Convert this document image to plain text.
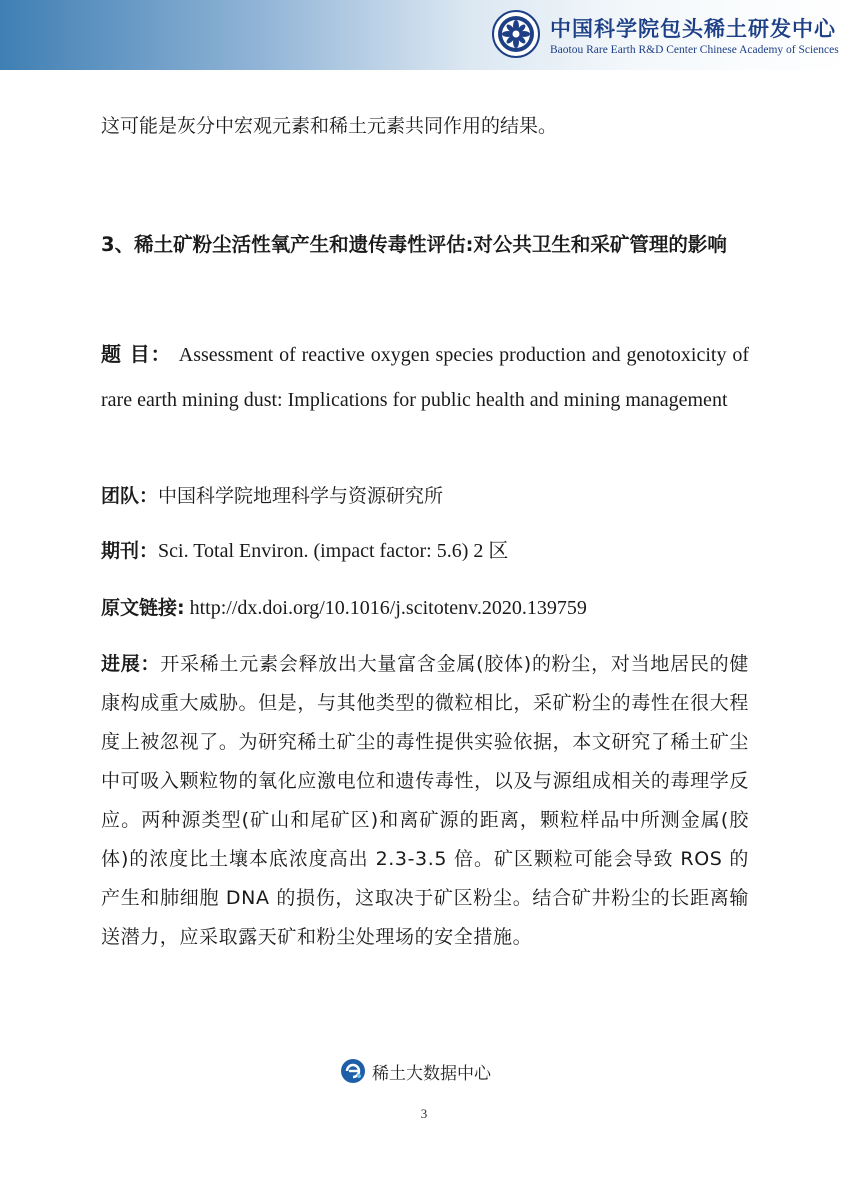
中国科学院包头稀土研发中心
Baotou Rare Earth R&D Center Chinese Academy of Sciences

这可能是灰分中宏观元素和稀土元素共同作用的结果。

3、稀土矿粉尘活性氧产生和遗传毒性评估:对公共卫生和采矿管理的影响

题 目： Assessment of reactive oxygen species production and genotoxicity of rare earth mining dust: Implications for public health and mining management

团队：中国科学院地理科学与资源研究所

期刊：Sci. Total Environ. (impact factor: 5.6) 2 区

原文链接: http://dx.doi.org/10.1016/j.scitotenv.2020.139759

进展：开采稀土元素会释放出大量富含金属(胶体)的粉尘，对当地居民的健康构成重大威胁。但是，与其他类型的微粒相比，采矿粉尘的毒性在很大程度上被忽视了。为研究稀土矿尘的毒性提供实验依据，本文研究了稀土矿尘中可吸入颗粒物的氧化应激电位和遗传毒性，以及与源组成相关的毒理学反应。两种源类型(矿山和尾矿区)和离矿源的距离，颗粒样品中所测金属(胶体)的浓度比土壤本底浓度高出 2.3-3.5 倍。矿区颗粒可能会导致 ROS 的产生和肺细胞 DNA 的损伤，这取决于矿区粉尘。结合矿井粉尘的长距离输送潜力，应采取露天矿和粉尘处理场的安全措施。

稀土大数据中心
3
